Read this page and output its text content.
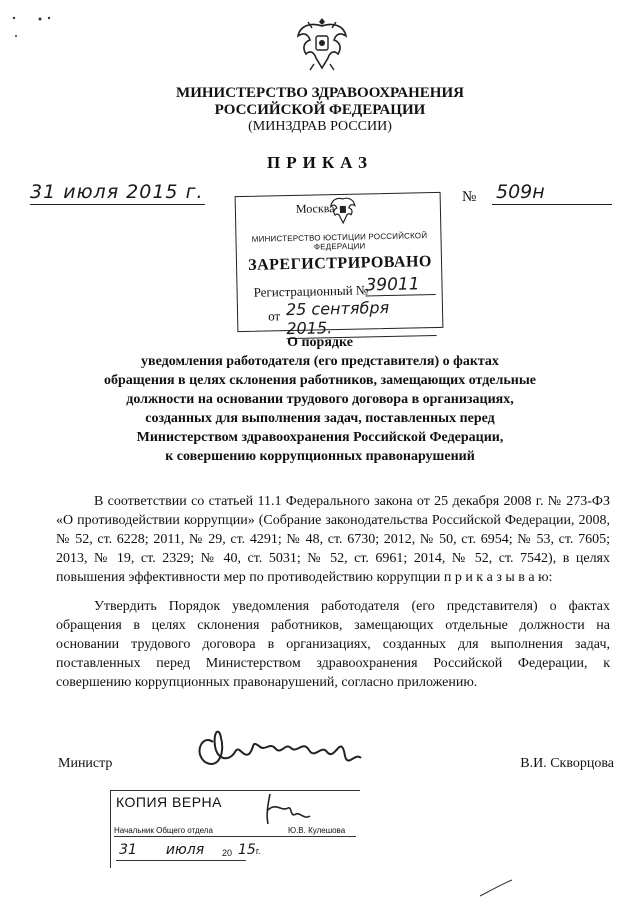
МИНИСТЕРСТВО ЗДРАВООХРАНЕНИЯ
РОССИЙСКОЙ ФЕДЕРАЦИИ
(МИНЗДРАВ РОССИИ)
ПРИКАЗ
31 июля 2015 г.	№ 509н
Москва
МИНИСТЕРСТВО ЮСТИЦИИ РОССИЙСКОЙ ФЕДЕРАЦИИ
ЗАРЕГИСТРИРОВАНО
Регистрационный №
39011
от 25 сентября 2015.
О порядке
уведомления работодателя (его представителя) о фактах
обращения в целях склонения работников, замещающих отдельные
должности на основании трудового договора в организациях,
созданных для выполнения задач, поставленных перед
Министерством здравоохранения Российской Федерации,
к совершению коррупционных правонарушений
В соответствии со статьей 11.1 Федерального закона от 25 декабря 2008 г. № 273-ФЗ «О противодействии коррупции» (Собрание законодательства Российской Федерации, 2008, № 52, ст. 6228; 2011, № 29, ст. 4291; № 48, ст. 6730; 2012, № 50, ст. 6954; № 53, ст. 7605; 2013, № 19, ст. 2329; № 40, ст. 5031; № 52, ст. 6961; 2014, № 52, ст. 7542), в целях повышения эффективности мер по противодействию коррупции п р и к а з ы в а ю:
Утвердить Порядок уведомления работодателя (его представителя) о фактах обращения в целях склонения работников, замещающих отдельные должности на основании трудового договора в организациях, созданных для выполнения задач, поставленных перед Министерством здравоохранения Российской Федерации, к совершению коррупционных правонарушений, согласно приложению.
Министр	В.И. Скворцова
КОПИЯ ВЕРНА
Начальник Общего отдела	Ю.В. Кулешова
31	июля	20 15г.
